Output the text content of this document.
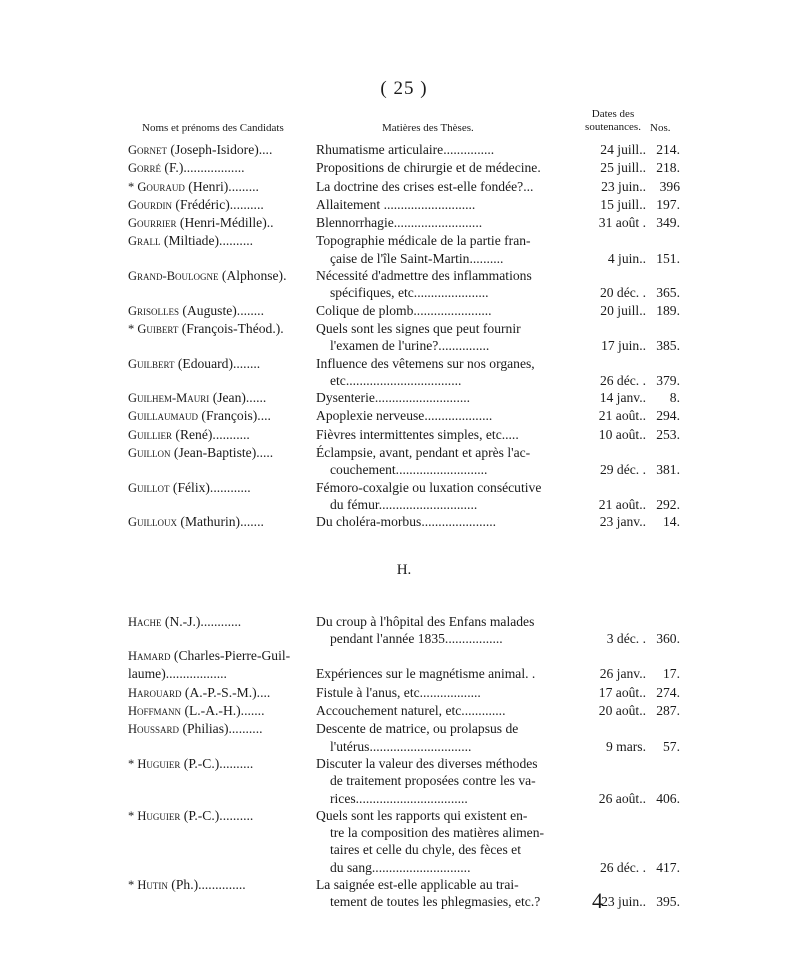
( 25 )
Noms et prénoms des Candidats	Matières des Thèses.
Dates des
soutenances. Nos.
Gornet (Joseph-Isidore)....	Rhumatisme articulaire...............	24 juill.. 214.
Gorré (F.)..................	Propositions de chirurgie et de médecine.	25 juill.. 218.
* Gouraud (Henri).........	La doctrine des crises est-elle fondée?...	23 juin..	396
Gourdin (Frédéric)..........	Allaitement ...........................	15 juill.. 197.
Gourrier (Henri-Médille)..	Blennorrhagie..........................	31 août . 349.
Grall (Miltiade)..........	Topographie médicale de la partie fran-
çaise de l'île Saint-Martin..........	4 juin.. 151.
Grand-Boulogne (Alphonse).	Nécessité d'admettre des inflammations
spécifiques, etc......................	20 déc. . 365.
Grisolles (Auguste)........	Colique de plomb.......................	20 juill.. 189.
* Guibert (François-Théod.).	Quels sont les signes que peut fournir
l'examen de l'urine?...............	17 juin.. 385.
Guilbert (Edouard)........	Influence des vêtemens sur nos organes,
etc..................................	26 déc. . 379.
Guilhem-Mauri (Jean)......	Dysenterie............................	14 janv..	8.
Guillaumaud (François)....	Apoplexie nerveuse....................	21 août.. 294.
Guillier (René)...........	Fièvres intermittentes simples, etc.....	10 août.. 253.
Guillon (Jean-Baptiste).....	Éclampsie, avant, pendant et après l'ac-
couchement...........................	29 déc. . 381.
Guillot (Félix)............	Fémoro-coxalgie ou luxation consécutive
du fémur.............................	21 août.. 292.
Guilloux (Mathurin).......	Du choléra-morbus......................	23 janv..	14.
H.
Hache (N.-J.)............	Du croup à l'hôpital des Enfans malades
pendant l'année 1835.................	3 déc. . 360.
Hamard (Charles-Pierre-Guil-

laume)..................	Expériences sur le magnétisme animal. .	26 janv..	17.
Harouard (A.-P.-S.-M.)....	Fistule à l'anus, etc..................	17 août.. 274.
Hoffmann (L.-A.-H.).......	Accouchement naturel, etc.............	20 août.. 287.
Houssard (Philias)..........	Descente de matrice, ou prolapsus de
l'utérus..............................	9 mars.	57.
* Huguier (P.-C.)..........	Discuter la valeur des diverses méthodes
de traitement proposées contre les va-
rices.................................	26 août.. 406.
* Huguier (P.-C.)..........	Quels sont les rapports qui existent en-
tre la composition des matières alimen-
taires et celle du chyle, des fèces et
du sang.............................	26 déc. . 417.
* Hutin (Ph.)..............	La saignée est-elle applicable au trai-
tement de toutes les phlegmasies, etc.?	23 juin.. 395.
4
